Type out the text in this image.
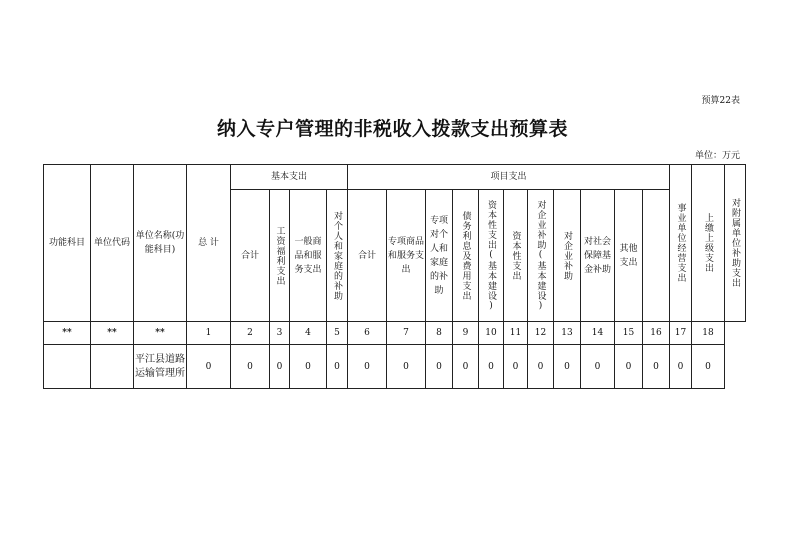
预算22表
纳入专户管理的非税收入拨款支出预算表
单位：万元
功能科目	单位代码	单位名称(功能科目)	总 计	基本支出				项目支出											事业单位经营支出	上缴上级支出	对附属单位补助支出
				合计	工资福利支出	一般商品和服务支出	对个人和家庭的补助	合计	专项商品和服务支出	专项对个人和家庭的补助	债务利息及费用支出	资本性支出(基本建设)	资本性支出	对企业补助(基本建设)	对企业补助	对社会保障基金补助	其他支出				
**	**	**	1	2	3	4	5	6	7	8	9	10	11	12	13	14	15	16	17	18	
		平江县道路运输管理所	0	0	0	0	0	0	0	0	0	0	0	0	0	0	0	0	0	0	
